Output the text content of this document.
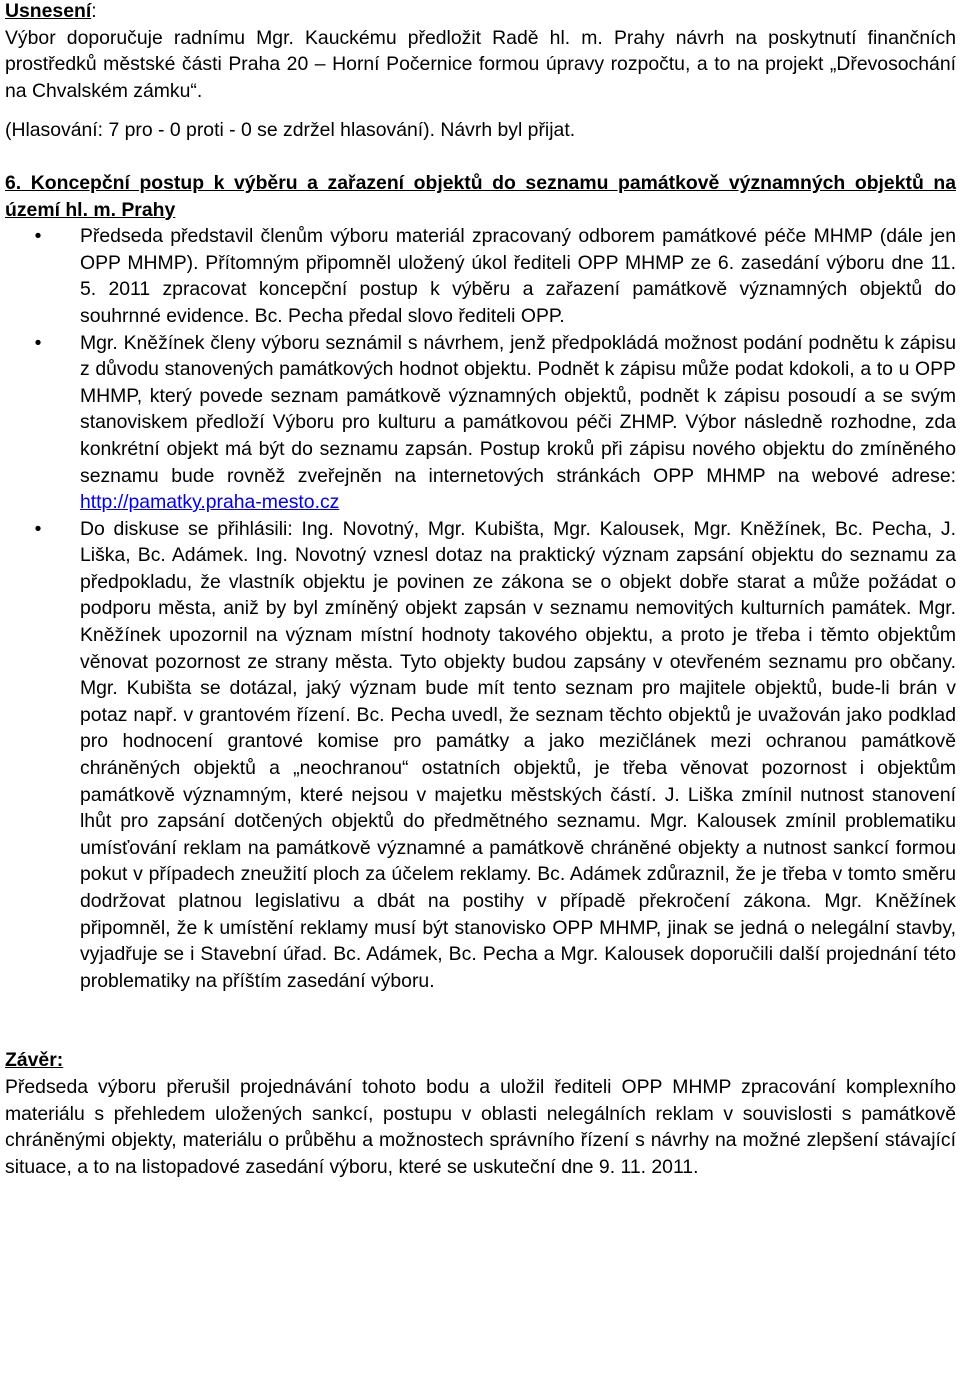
Usnesení:

Výbor doporučuje radnímu Mgr. Kauckému předložit Radě hl. m. Prahy návrh na poskytnutí finančních prostředků městské části Praha 20 – Horní Počernice formou úpravy rozpočtu, a to na projekt „Dřevosochání na Chvalském zámku“.

(Hlasování: 7 pro - 0 proti - 0 se zdržel hlasování). Návrh byl přijat.

6. Koncepční postup k výběru a zařazení objektů do seznamu památkově významných objektů na území hl. m. Prahy

•	Předseda představil členům výboru materiál zpracovaný odborem památkové péče MHMP (dále jen OPP MHMP). Přítomným připomněl uložený úkol řediteli OPP MHMP ze 6. zasedání výboru dne 11. 5. 2011 zpracovat koncepční postup k výběru a zařazení památkově významných objektů do souhrnné evidence. Bc. Pecha předal slovo řediteli OPP.
•	Mgr. Kněžínek členy výboru seznámil s návrhem, jenž předpokládá možnost podání podnětu k zápisu z důvodu stanovených památkových hodnot objektu. Podnět k zápisu může podat kdokoli, a to u OPP MHMP, který povede seznam památkově významných objektů, podnět k zápisu posoudí a se svým stanoviskem předloží Výboru pro kulturu a památkovou péči ZHMP. Výbor následně rozhodne, zda konkrétní objekt má být do seznamu zapsán. Postup kroků při zápisu nového objektu do zmíněného seznamu bude rovněž zveřejněn na internetových stránkách OPP MHMP na webové adrese: http://pamatky.praha-mesto.cz
•	Do diskuse se přihlásili: Ing. Novotný, Mgr. Kubišta, Mgr. Kalousek, Mgr. Kněžínek, Bc. Pecha, J. Liška, Bc. Adámek. Ing. Novotný vznesl dotaz na praktický význam zapsání objektu do seznamu za předpokladu, že vlastník objektu je povinen ze zákona se o objekt dobře starat a může požádat o podporu města, aniž by byl zmíněný objekt zapsán v seznamu nemovitých kulturních památek. Mgr. Kněžínek upozornil na význam místní hodnoty takového objektu, a proto je třeba i těmto objektům věnovat pozornost ze strany města. Tyto objekty budou zapsány v otevřeném seznamu pro občany. Mgr. Kubišta se dotázal, jaký význam bude mít tento seznam pro majitele objektů, bude-li brán v potaz např. v grantovém řízení. Bc. Pecha uvedl, že seznam těchto objektů je uvažován jako podklad pro hodnocení grantové komise pro památky a jako mezičlánek mezi ochranou památkově chráněných objektů a „neochranou“ ostatních objektů, je třeba věnovat pozornost i objektům památkově významným, které nejsou v majetku městských částí. J. Liška zmínil nutnost stanovení lhůt pro zapsání dotčených objektů do předmětného seznamu. Mgr. Kalousek zmínil problematiku umísťování reklam na památkově významné a památkově chráněné objekty a nutnost sankcí formou pokut v případech zneužití ploch za účelem reklamy. Bc. Adámek zdůraznil, že je třeba v tomto směru dodržovat platnou legislativu a dbát na postihy v případě překročení zákona. Mgr. Kněžínek připomněl, že k umístění reklamy musí být stanovisko OPP MHMP, jinak se jedná o nelegální stavby, vyjadřuje se i Stavební úřad. Bc. Adámek, Bc. Pecha a Mgr. Kalousek doporučili další projednání této problematiky na příštím zasedání výboru.

Závěr:

Předseda výboru přerušil projednávání tohoto bodu a uložil řediteli OPP MHMP zpracování komplexního materiálu s přehledem uložených sankcí, postupu v oblasti nelegálních reklam v souvislosti s památkově chráněnými objekty, materiálu o průběhu a možnostech správního řízení s návrhy na možné zlepšení stávající situace, a to na listopadové zasedání výboru, které se uskuteční dne 9. 11. 2011.
